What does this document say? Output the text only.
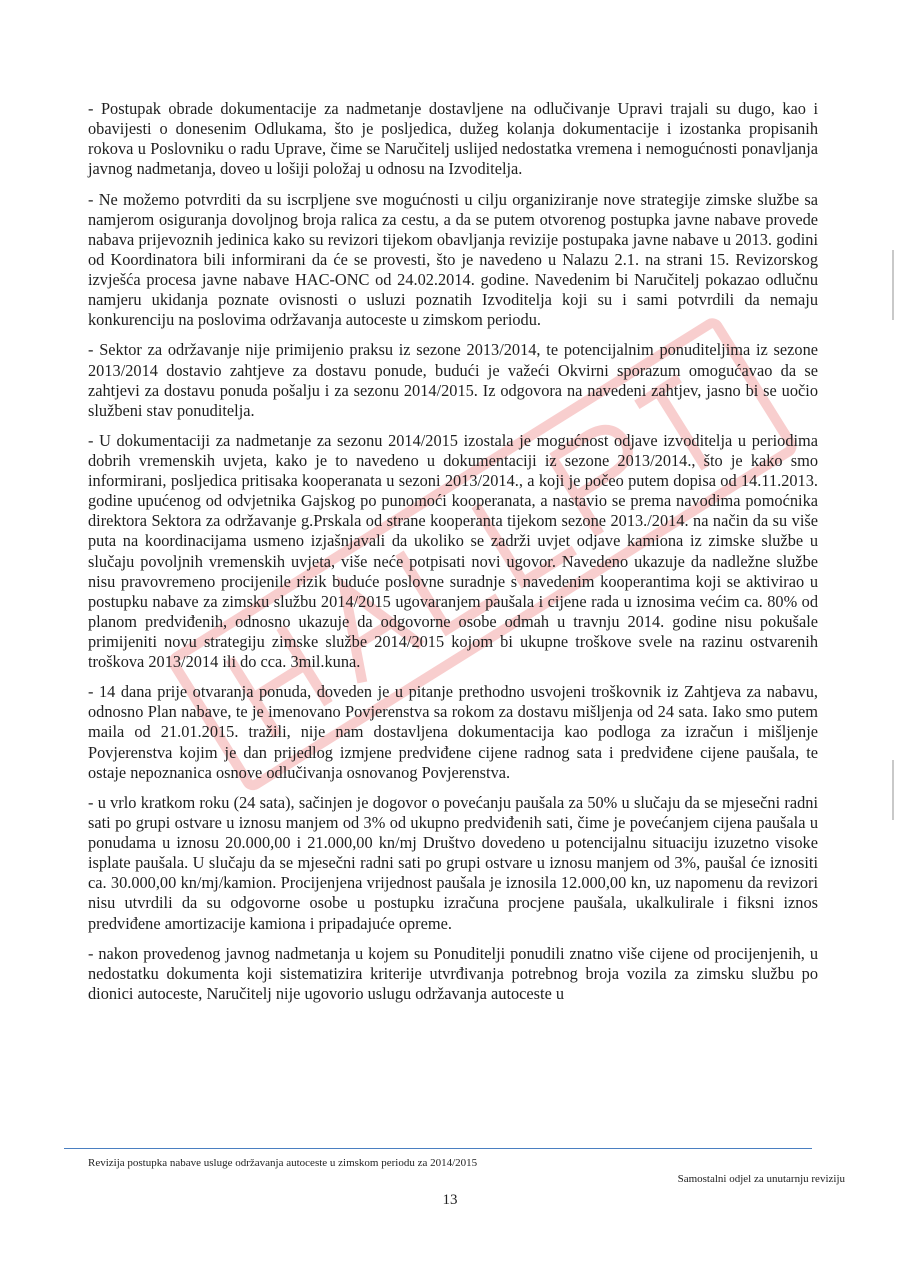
- Postupak obrade dokumentacije za nadmetanje dostavljene na odlučivanje Upravi trajali su dugo, kao i obavijesti o donesenim Odlukama, što je posljedica, dužeg kolanja dokumentacije i izostanka propisanih rokova u Poslovniku o radu Uprave, čime se Naručitelj uslijed nedostatka vremena i nemogućnosti ponavljanja javnog nadmetanja, doveo u lošiji položaj u odnosu na Izvoditelja.

- Ne možemo potvrditi da su iscrpljene sve mogućnosti u cilju organiziranje nove strategije zimske službe sa namjerom osiguranja dovoljnog broja ralica za cestu, a da se putem otvorenog postupka javne nabave provede nabava prijevoznih jedinica kako su revizori tijekom obavljanja revizije postupaka javne nabave u 2013. godini od Koordinatora bili informirani da će se provesti, što je navedeno u Nalazu 2.1. na strani 15. Revizorskog izvješća procesa javne nabave HAC-ONC od 24.02.2014. godine. Navedenim bi Naručitelj pokazao odlučnu namjeru ukidanja poznate ovisnosti o usluzi poznatih Izvoditelja koji su i sami potvrdili da nemaju konkurenciju na poslovima održavanja autoceste u zimskom periodu.

- Sektor za održavanje nije primijenio praksu iz sezone 2013/2014, te potencijalnim ponuditeljima iz sezone 2013/2014 dostavio zahtjeve za dostavu ponude, budući je važeći Okvirni sporazum omogućavao da se zahtjevi za dostavu ponuda pošalju i za sezonu 2014/2015. Iz odgovora na navedeni zahtjev, jasno bi se uočio službeni stav ponuditelja.

- U dokumentaciji za nadmetanje za sezonu 2014/2015 izostala je mogućnost odjave izvoditelja u periodima dobrih vremenskih uvjeta, kako je to navedeno u dokumentaciji iz sezone 2013/2014., što je kako smo informirani, posljedica pritisaka kooperanata u sezoni 2013/2014., a koji je počeo putem dopisa od 14.11.2013. godine upućenog od odvjetnika Gajskog po punomoći kooperanata, a nastavio se prema navodima pomoćnika direktora Sektora za održavanje g.Prskala od strane kooperanta tijekom sezone 2013./2014. na način da su više puta na koordinacijama usmeno izjašnjavali da ukoliko se zadrži uvjet odjave kamiona iz zimske službe u slučaju povoljnih vremenskih uvjeta, više neće potpisati novi ugovor. Navedeno ukazuje da nadležne službe nisu pravovremeno procijenile rizik buduće poslovne suradnje s navedenim kooperantima koji se aktivirao u postupku nabave za zimsku službu 2014/2015 ugovaranjem paušala i cijene rada u iznosima većim ca. 80% od planom predviđenih, odnosno ukazuje da odgovorne osobe odmah u travnju 2014. godine nisu pokušale primijeniti novu strategiju zimske službe 2014/2015 kojom bi ukupne troškove svele na razinu ostvarenih troškova 2013/2014 ili do cca. 3mil.kuna.

- 14 dana prije otvaranja ponuda, doveden je u pitanje prethodno usvojeni troškovnik iz Zahtjeva za nabavu, odnosno Plan nabave, te je imenovano Povjerenstva sa rokom za dostavu mišljenja od 24 sata. Iako smo putem maila od 21.01.2015. tražili, nije nam dostavljena dokumentacija kao podloga za izračun i mišljenje Povjerenstva kojim je dan prijedlog izmjene predviđene cijene radnog sata i predviđene cijene paušala, te ostaje nepoznanica osnove odlučivanja osnovanog Povjerenstva.

- u vrlo kratkom roku (24 sata), sačinjen je dogovor o povećanju paušala za 50% u slučaju da se mjesečni radni sati po grupi ostvare u iznosu manjem od 3% od ukupno predviđenih sati, čime je povećanjem cijena paušala u ponudama u iznosu 20.000,00 i 21.000,00 kn/mj Društvo dovedeno u potencijalnu situaciju izuzetno visoke isplate paušala. U slučaju da se mjesečni radni sati po grupi ostvare u iznosu manjem od 3%, paušal će iznositi ca. 30.000,00 kn/mj/kamion. Procijenjena vrijednost paušala je iznosila 12.000,00 kn, uz napomenu da revizori nisu utvrdili da su odgovorne osobe u postupku izračuna procjene paušala, ukalkulirale i fiksni iznos predviđene amortizacije kamiona i pripadajuće opreme.

- nakon provedenog javnog nadmetanja u kojem su Ponuditelji ponudili znatno više cijene od procijenjenih, u nedostatku dokumenta koji sistematizira kriterije utvrđivanja potrebnog broja vozila za zimsku službu po dionici autoceste, Naručitelj nije ugovorio uslugu održavanja autoceste u

Revizija postupka nabave usluge održavanja autoceste u zimskom periodu za 2014/2015
Samostalni odjel za unutarnju reviziju
13
